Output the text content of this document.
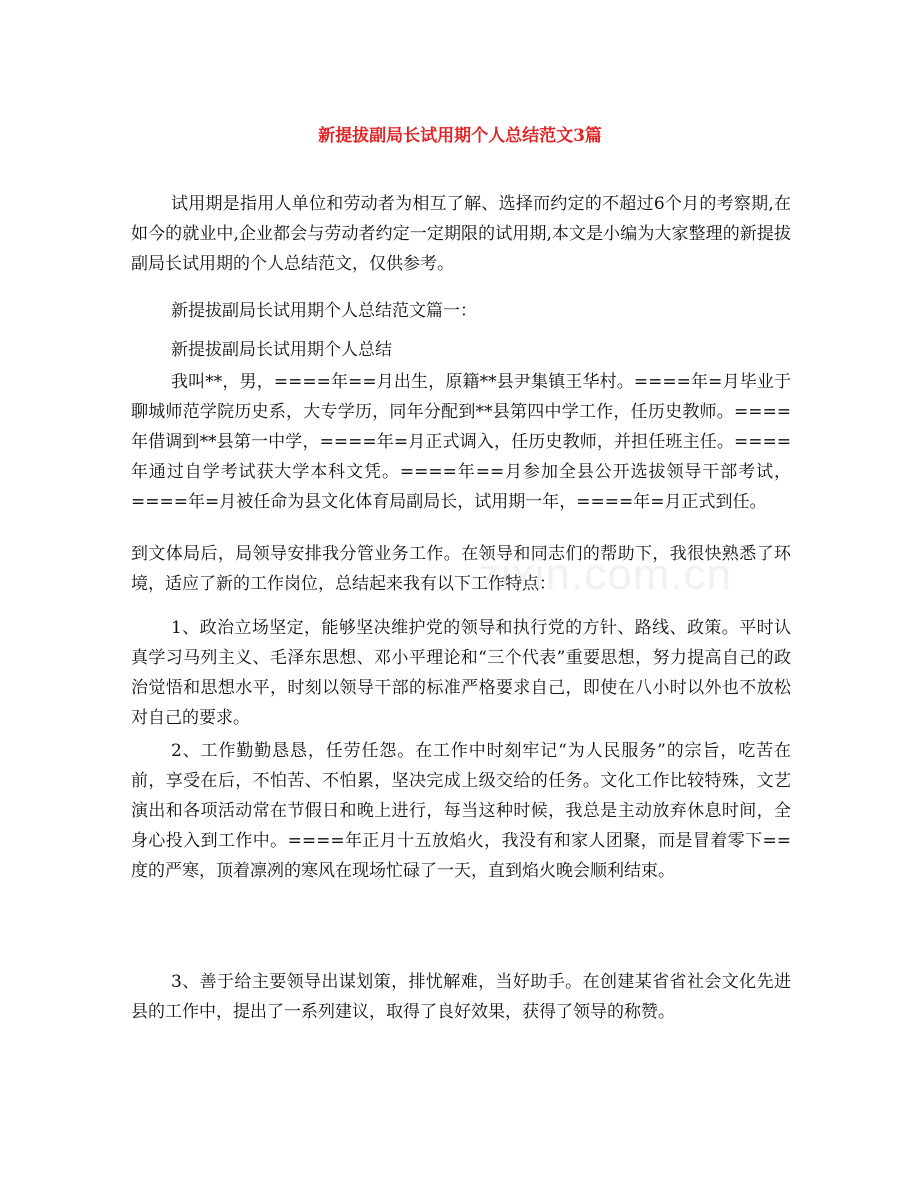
zixin.com.cn
新提拔副局长试用期个人总结范文3篇

试用期是指用人单位和劳动者为相互了解、选择而约定的不超过6个月的考察期,在如今的就业中,企业都会与劳动者约定一定期限的试用期,本文是小编为大家整理的新提拔副局长试用期的个人总结范文，仅供参考。

新提拔副局长试用期个人总结范文篇一：

新提拔副局长试用期个人总结

我叫**，男，====年==月出生，原籍**县尹集镇王华村。====年=月毕业于聊城师范学院历史系，大专学历，同年分配到**县第四中学工作，任历史教师。====年借调到**县第一中学，====年=月正式调入，任历史教师，并担任班主任。====年通过自学考试获大学本科文凭。====年==月参加全县公开选拔领导干部考试，====年=月被任命为县文化体育局副局长，试用期一年，====年=月正式到任。

到文体局后，局领导安排我分管业务工作。在领导和同志们的帮助下，我很快熟悉了环境，适应了新的工作岗位，总结起来我有以下工作特点：

1、政治立场坚定，能够坚决维护党的领导和执行党的方针、路线、政策。平时认真学习马列主义、毛泽东思想、邓小平理论和“三个代表”重要思想，努力提高自己的政治觉悟和思想水平，时刻以领导干部的标准严格要求自己，即使在八小时以外也不放松对自己的要求。

2、工作勤勤恳恳，任劳任怨。在工作中时刻牢记“为人民服务”的宗旨，吃苦在前，享受在后，不怕苦、不怕累，坚决完成上级交给的任务。文化工作比较特殊，文艺演出和各项活动常在节假日和晚上进行，每当这种时候，我总是主动放弃休息时间，全身心投入到工作中。====年正月十五放焰火，我没有和家人团聚，而是冒着零下==度的严寒，顶着凛冽的寒风在现场忙碌了一天，直到焰火晚会顺利结束。

3、善于给主要领导出谋划策，排忧解难，当好助手。在创建某省省社会文化先进县的工作中，提出了一系列建议，取得了良好效果，获得了领导的称赞。
